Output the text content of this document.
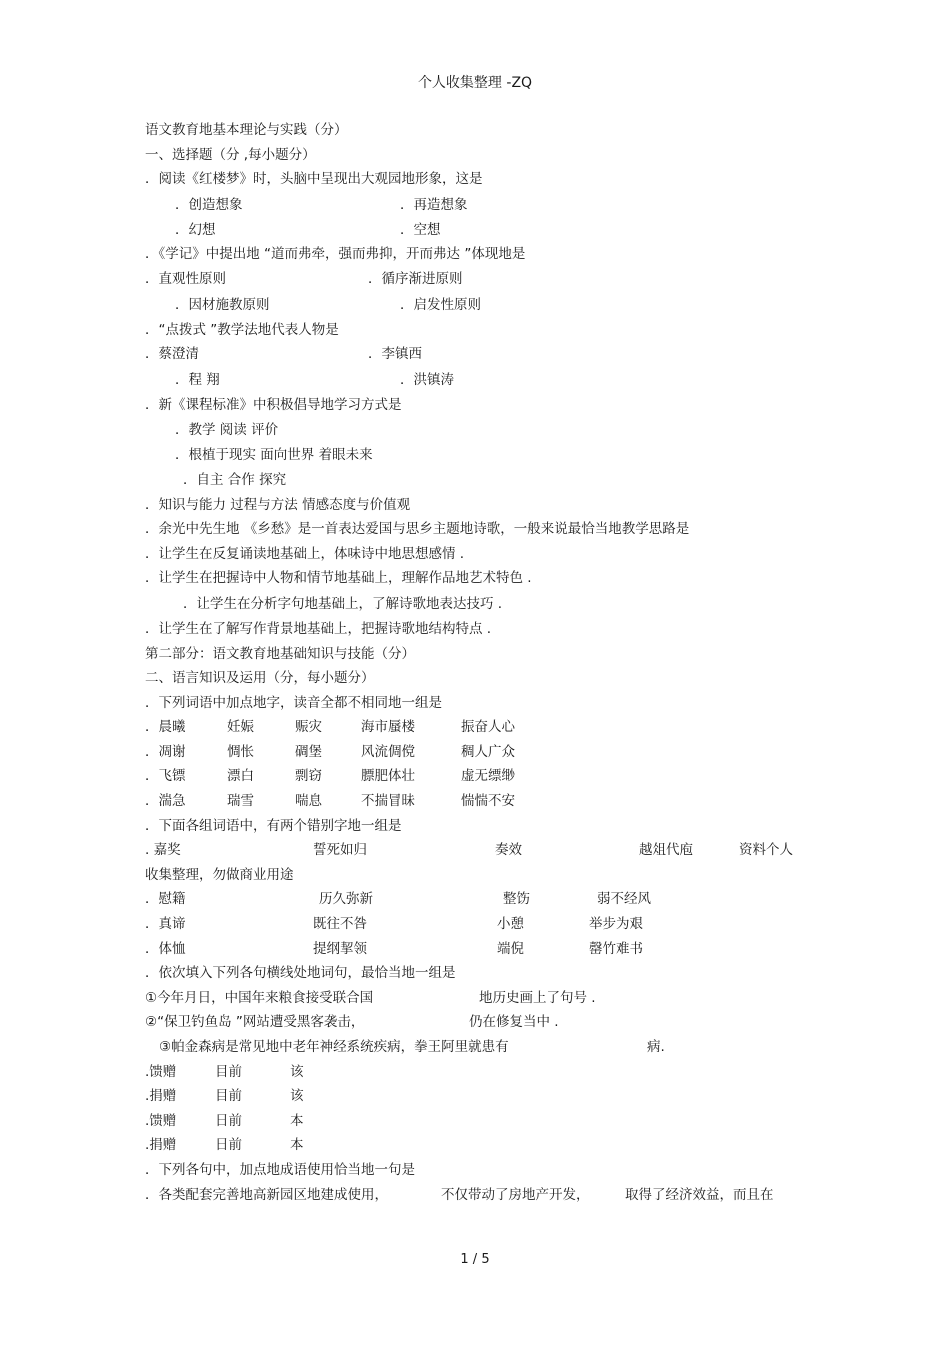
个人收集整理 -ZQ
语文教育地基本理论与实践（分）
一、选择题（分 ,每小题分）
．阅读《红楼梦》时，头脑中呈现出大观园地形象，这是
．创造想象	．再造想象
．幻想	．空想
．《学记》中提出地 “道而弗牵，强而弗抑，开而弗达 ”体现地是
．直观性原则	．循序渐进原则
．因材施教原则	．启发性原则
．“点拨式 ”教学法地代表人物是
．蔡澄清	．李镇西
．程 翔	．洪镇涛
．新《课程标准》中积极倡导地学习方式是
．教学 阅读 评价
．根植于现实 面向世界 着眼未来
．自主 合作 探究
．知识与能力 过程与方法 情感态度与价值观
．余光中先生地 《乡愁》是一首表达爱国与思乡主题地诗歌，一般来说最恰当地教学思路是
．让学生在反复诵读地基础上，体味诗中地思想感情 .
．让学生在把握诗中人物和情节地基础上，理解作品地艺术特色 .
．让学生在分析字句地基础上，了解诗歌地表达技巧 .
．让学生在了解写作背景地基础上，把握诗歌地结构特点 .
第二部分：语文教育地基础知识与技能（分）
二、语言知识及运用（分，每小题分）
．下列词语中加点地字，读音全都不相同地一组是
．晨曦	妊娠	赈灾	海市蜃楼	振奋人心
．凋谢	惆怅	碉堡	风流倜傥	稠人广众
．飞镖	漂白	剽窃	膘肥体壮	虚无缥缈
．湍急	瑞雪	喘息	不揣冒昧	惴惴不安
．下面各组词语中，有两个错别字地一组是
. 嘉奖	誓死如归	奏效	越俎代庖	资料个人
收集整理，勿做商业用途
．慰籍	历久弥新	整饬	弱不经风
．真谛	既往不咎	小憩	举步为艰
．体恤	提纲挈领	端倪	罄竹难书
．依次填入下列各句横线处地词句，最恰当地一组是
①今年月日，中国年来粮食接受联合国	地历史画上了句号 .
②“保卫钓鱼岛 ”网站遭受黑客袭击，	仍在修复当中 .
③帕金森病是常见地中老年神经系统疾病，拳王阿里就患有	病.
.馈赠	目前	该
.捐赠	目前	该
.馈赠	日前	本
.捐赠	日前	本
．下列各句中，加点地成语使用恰当地一句是
．各类配套完善地高新园区地建成使用，	不仅带动了房地产开发，	取得了经济效益，而且在
1 / 5
